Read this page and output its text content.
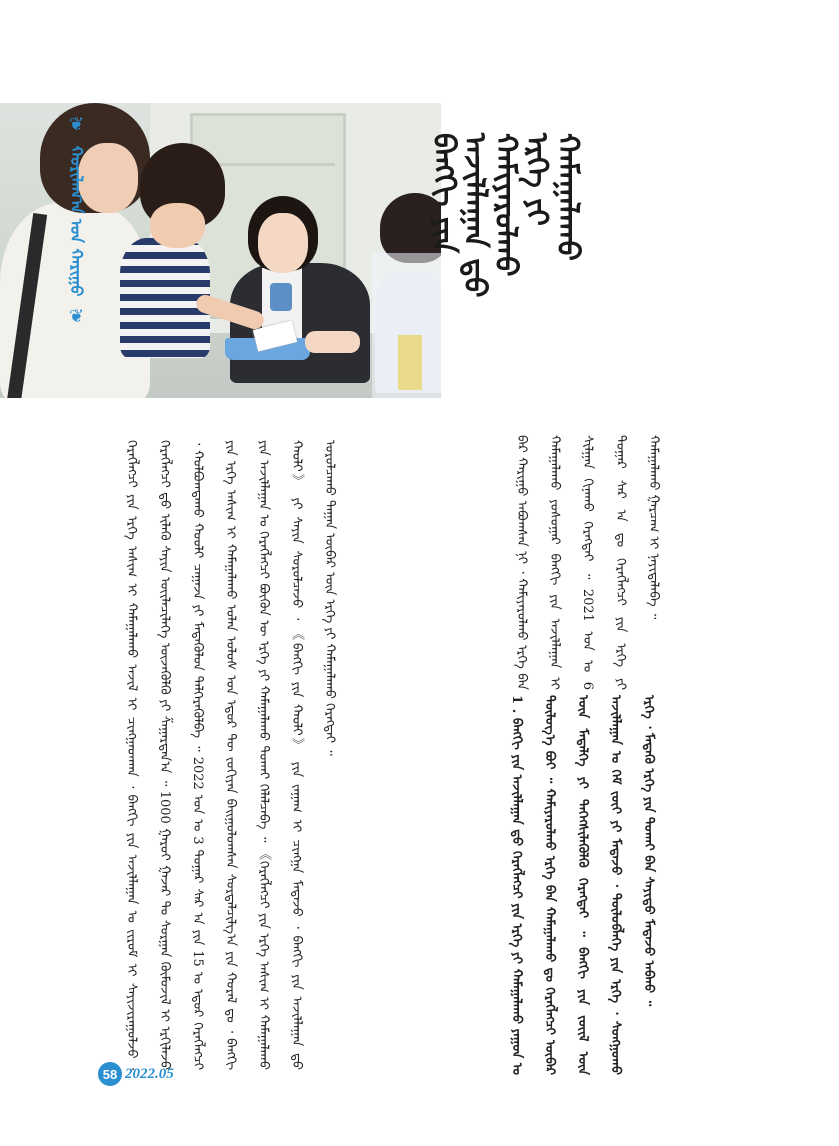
❦ ᠬᠣᠷᠢᠯᠠᠭ᠎ᠠ ᠤᠨ ᠬᠠᠷᠢᠭᠤ ❦
ᠪᠠᠩᠬᠢ ᠶᠢᠨ ᠠᠵᠢᠯᠯᠠᠭᠠᠨ ᠳ᠋ᠤ ᠬᠠᠮᠢᠶᠠᠷᠤᠯᠬᠤ ᠡᠷᠬᠡ ᠶᠢ ᠬᠠᠮᠠᠭᠠᠯᠠᠬᠤ
ᠪᠡᠷ ᠬᠠᠷᠢᠭᠤ ᠠᠪᠤᠭᠰᠠᠨ ᠨᠢ ᠂ ᠬᠠᠮᠢᠶᠠᠷᠤᠯᠬᠤ ᠡᠷᠬᠡ ᠪᠠᠨ ᠬᠠᠮᠠᠭᠠᠯᠠᠬᠤ ᠶᠣᠰᠣᠭᠠᠷ ᠪᠠᠩᠬᠢ ᠶᠢᠨ ᠠᠵᠢᠯᠯᠠᠭᠠᠨ ᠢ ᠰᠢᠯᠭᠠᠨ ᠬᠢᠨᠠᠬᠤ ᠬᠡᠷᠡᠭᠲᠡᠢ ᠃ 2021 ᠣᠨ ᠤ 6 ᠳᠤᠭᠠᠷ ᠰᠠᠷ ᠠ ᠳᠤ ᠬᠡᠷᠡᠭᠯᠡᠭᠴᠢ ᠶᠢᠨ ᠡᠷᠬᠡ ᠶᠢ ᠬᠠᠮᠠᠭᠠᠯᠠᠬᠤ ᠭᠠᠷᠴᠠᠭ ᠢ ᠨᠡᠶᠢᠲᠡᠯᠡᠪᠡ ᠃
1 . ᠪᠠᠩᠬᠢ ᠶᠢᠨ ᠠᠵᠢᠯᠯᠠᠭᠠᠨ ᠳ᠋ᠤ ᠬᠡᠷᠡᠭᠯᠡᠭᠴᠢ ᠶᠢᠨ ᠡᠷᠬᠡ ᠶᠢ ᠬᠠᠮᠠᠭᠠᠯᠠᠬᠤ ᠶᠠᠭᠤᠨ ᠤ ᠲᠥᠯᠥᠭ᠎ᠡ ᠪᠤᠢ ᠃ ᠬᠠᠮᠢᠶᠠᠷᠤᠯᠬᠤ ᠡᠷᠬᠡ ᠪᠠᠨ ᠬᠠᠮᠠᠭᠠᠯᠠᠬᠤ ᠳᠤ ᠬᠡᠷᠡᠭᠯᠡᠭᠴᠢ ᠥᠪᠡᠷ ᠦᠨ ᠮᠡᠳᠡᠯᠭᠡ ᠶᠢ ᠳᠡᠭᠡᠭᠰᠢᠯᠡᠭᠦᠯᠬᠦ ᠬᠡᠷᠡᠭᠲᠡᠢ ᠃ ᠪᠠᠩᠬᠢ ᠶᠢᠨ ᠵᠦᠢᠯ ᠦᠨ ᠠᠵᠢᠯᠯᠠᠭᠠᠨ ᠤ ᠬᠡᠮ ᠵᠦᠢ ᠶᠢ ᠮᠡᠳᠡᠵᠦ ᠂ ᠲᠥᠯᠥᠪᠯᠡᠭᠡ ᠶᠢᠨ ᠡᠷᠬᠡ ᠂ ᠰᠣᠩᠭᠣᠬᠤ ᠡᠷᠬᠡ ᠂ ᠮᠡᠳᠡᠬᠦ ᠡᠷᠬᠡ ᠶᠢᠨ ᠲᠤᠬᠠᠢ ᠪᠠᠨ ᠰᠠᠶᠢᠲᠤ ᠮᠡᠳᠡᠵᠦ ᠠᠪᠬᠤ ᠃
ᠬᠡᠷᠡᠭᠯᠡᠭᠴᠢ ᠶᠢᠨ ᠡᠷᠬᠡ ᠠᠰᠢᠭ ᠢ ᠬᠠᠮᠠᠭᠠᠯᠠᠬᠤ ᠠᠵᠢᠯ ᠢ ᠴᠢᠩᠭᠠᠳᠬᠠᠨ ᠂ ᠪᠠᠩᠬᠢ ᠶᠢᠨ ᠠᠵᠢᠯᠯᠠᠭᠠᠨ ᠤ ᠵᠢᠷᠤᠮ ᠢ ᠰᠠᠶᠢᠵᠢᠷᠠᠭᠤᠯᠵᠤ ᠂ ᠬᠡᠷᠡᠭᠯᠡᠭᠴᠢ ᠳ᠋ᠦ ᠢᠯᠡᠭᠦ ᠰᠠᠶᠢᠨ ᠦᠢᠯᠡᠴᠢᠯᠡᠭᠡ ᠦᠵᠡᠭᠦᠯᠬᠦ ᠶᠢ ᠱᠠᠭᠠᠷᠳᠠᠨ᠎ᠠ ᠃ 1000 ᠭᠠᠷᠤᠢ ᠭᠠᠵᠠᠷ ᠲᠤ ᠰᠤᠷᠭᠠᠨ ᠬᠦᠮᠦᠵᠢᠯ ᠢ ᠡᠷᠬᠢᠯᠡᠵᠦ ᠂ ᠬᠣᠯᠪᠣᠭᠳᠠᠬᠤ ᠬᠤᠤᠯᠢ ᠴᠠᠭᠠᠵᠠ ᠶᠢ ᠮᠡᠳᠡᠭᠦᠯᠦᠨ ᠳᠡᠯᠭᠡᠷᠡᠭᠦᠯᠪᠡ ᠃ 2022 ᠣᠨ ᠤ 3 ᠳᠤᠭᠠᠷ ᠰᠠᠷ ᠠ ᠶᠢᠨ 15 ᠤ ᠡᠳᠦᠷ ᠬᠡᠷᠡᠭᠯᠡᠭᠴᠢ ᠶᠢᠨ ᠡᠷᠬᠡ ᠠᠰᠢᠭ ᠢ ᠬᠠᠮᠠᠭᠠᠯᠠᠬᠤ ᠣᠯᠠᠨ ᠤᠯᠤᠰ ᠤᠨ ᠡᠳᠦᠷ ᠲᠦ ᠵᠣᠬᠢᠶᠠᠨ ᠪᠠᠢᠭᠤᠯᠤᠭᠰᠠᠨ ᠰᠤᠷᠲᠠᠯᠴᠢᠯᠭ᠎ᠠ ᠶᠢᠨ ᠬᠤᠷᠠᠯ ᠳᠤ ᠂ ᠪᠠᠩᠬᠢ ᠶᠢᠨ ᠠᠵᠢᠯᠯᠠᠭᠠᠨ ᠤ ᠬᠡᠷᠡᠭᠯᠡᠭᠴᠢ ᠪᠦᠬᠦᠨ ᠦ ᠡᠷᠬᠡ ᠶᠢ ᠬᠠᠮᠠᠭᠠᠯᠠᠬᠤ ᠲᠤᠬᠠᠢ ᠬᠡᠯᠡᠯᠴᠡᠪᠡ ᠃ 《ᠬᠡᠷᠡᠭᠯᠡᠭᠴᠢ ᠶᠢᠨ ᠡᠷᠬᠡ ᠠᠰᠢᠭ ᠢ ᠬᠠᠮᠠᠭᠠᠯᠠᠬᠤ ᠬᠠᠤᠯᠢ》 ᠶᠢ ᠰᠠᠶᠢᠨ ᠰᠤᠷᠤᠯᠴᠠᠵᠤ ᠂ 《ᠪᠠᠩᠬᠢ ᠶᠢᠨ ᠬᠠᠤᠯᠢ》 ᠶᠢᠨ ᠵᠠᠭᠠᠭ ᠢ ᠴᠢᠩᠭᠠ ᠮᠡᠳᠡᠵᠦ ᠂ ᠪᠠᠩᠬᠢ ᠶᠢᠨ ᠠᠵᠢᠯᠯᠠᠭᠠᠨ ᠳ᠋ᠤ ᠣᠷᠣᠯᠴᠠᠬᠤ ᠳᠠᠭᠠᠨ ᠥᠪᠡᠷ ᠦᠨ ᠡᠷᠬᠡ ᠶᠢ ᠬᠠᠮᠠᠭᠠᠯᠠᠬᠤ ᠬᠡᠷᠡᠭᠲᠡᠢ ᠃
58 2022.05
